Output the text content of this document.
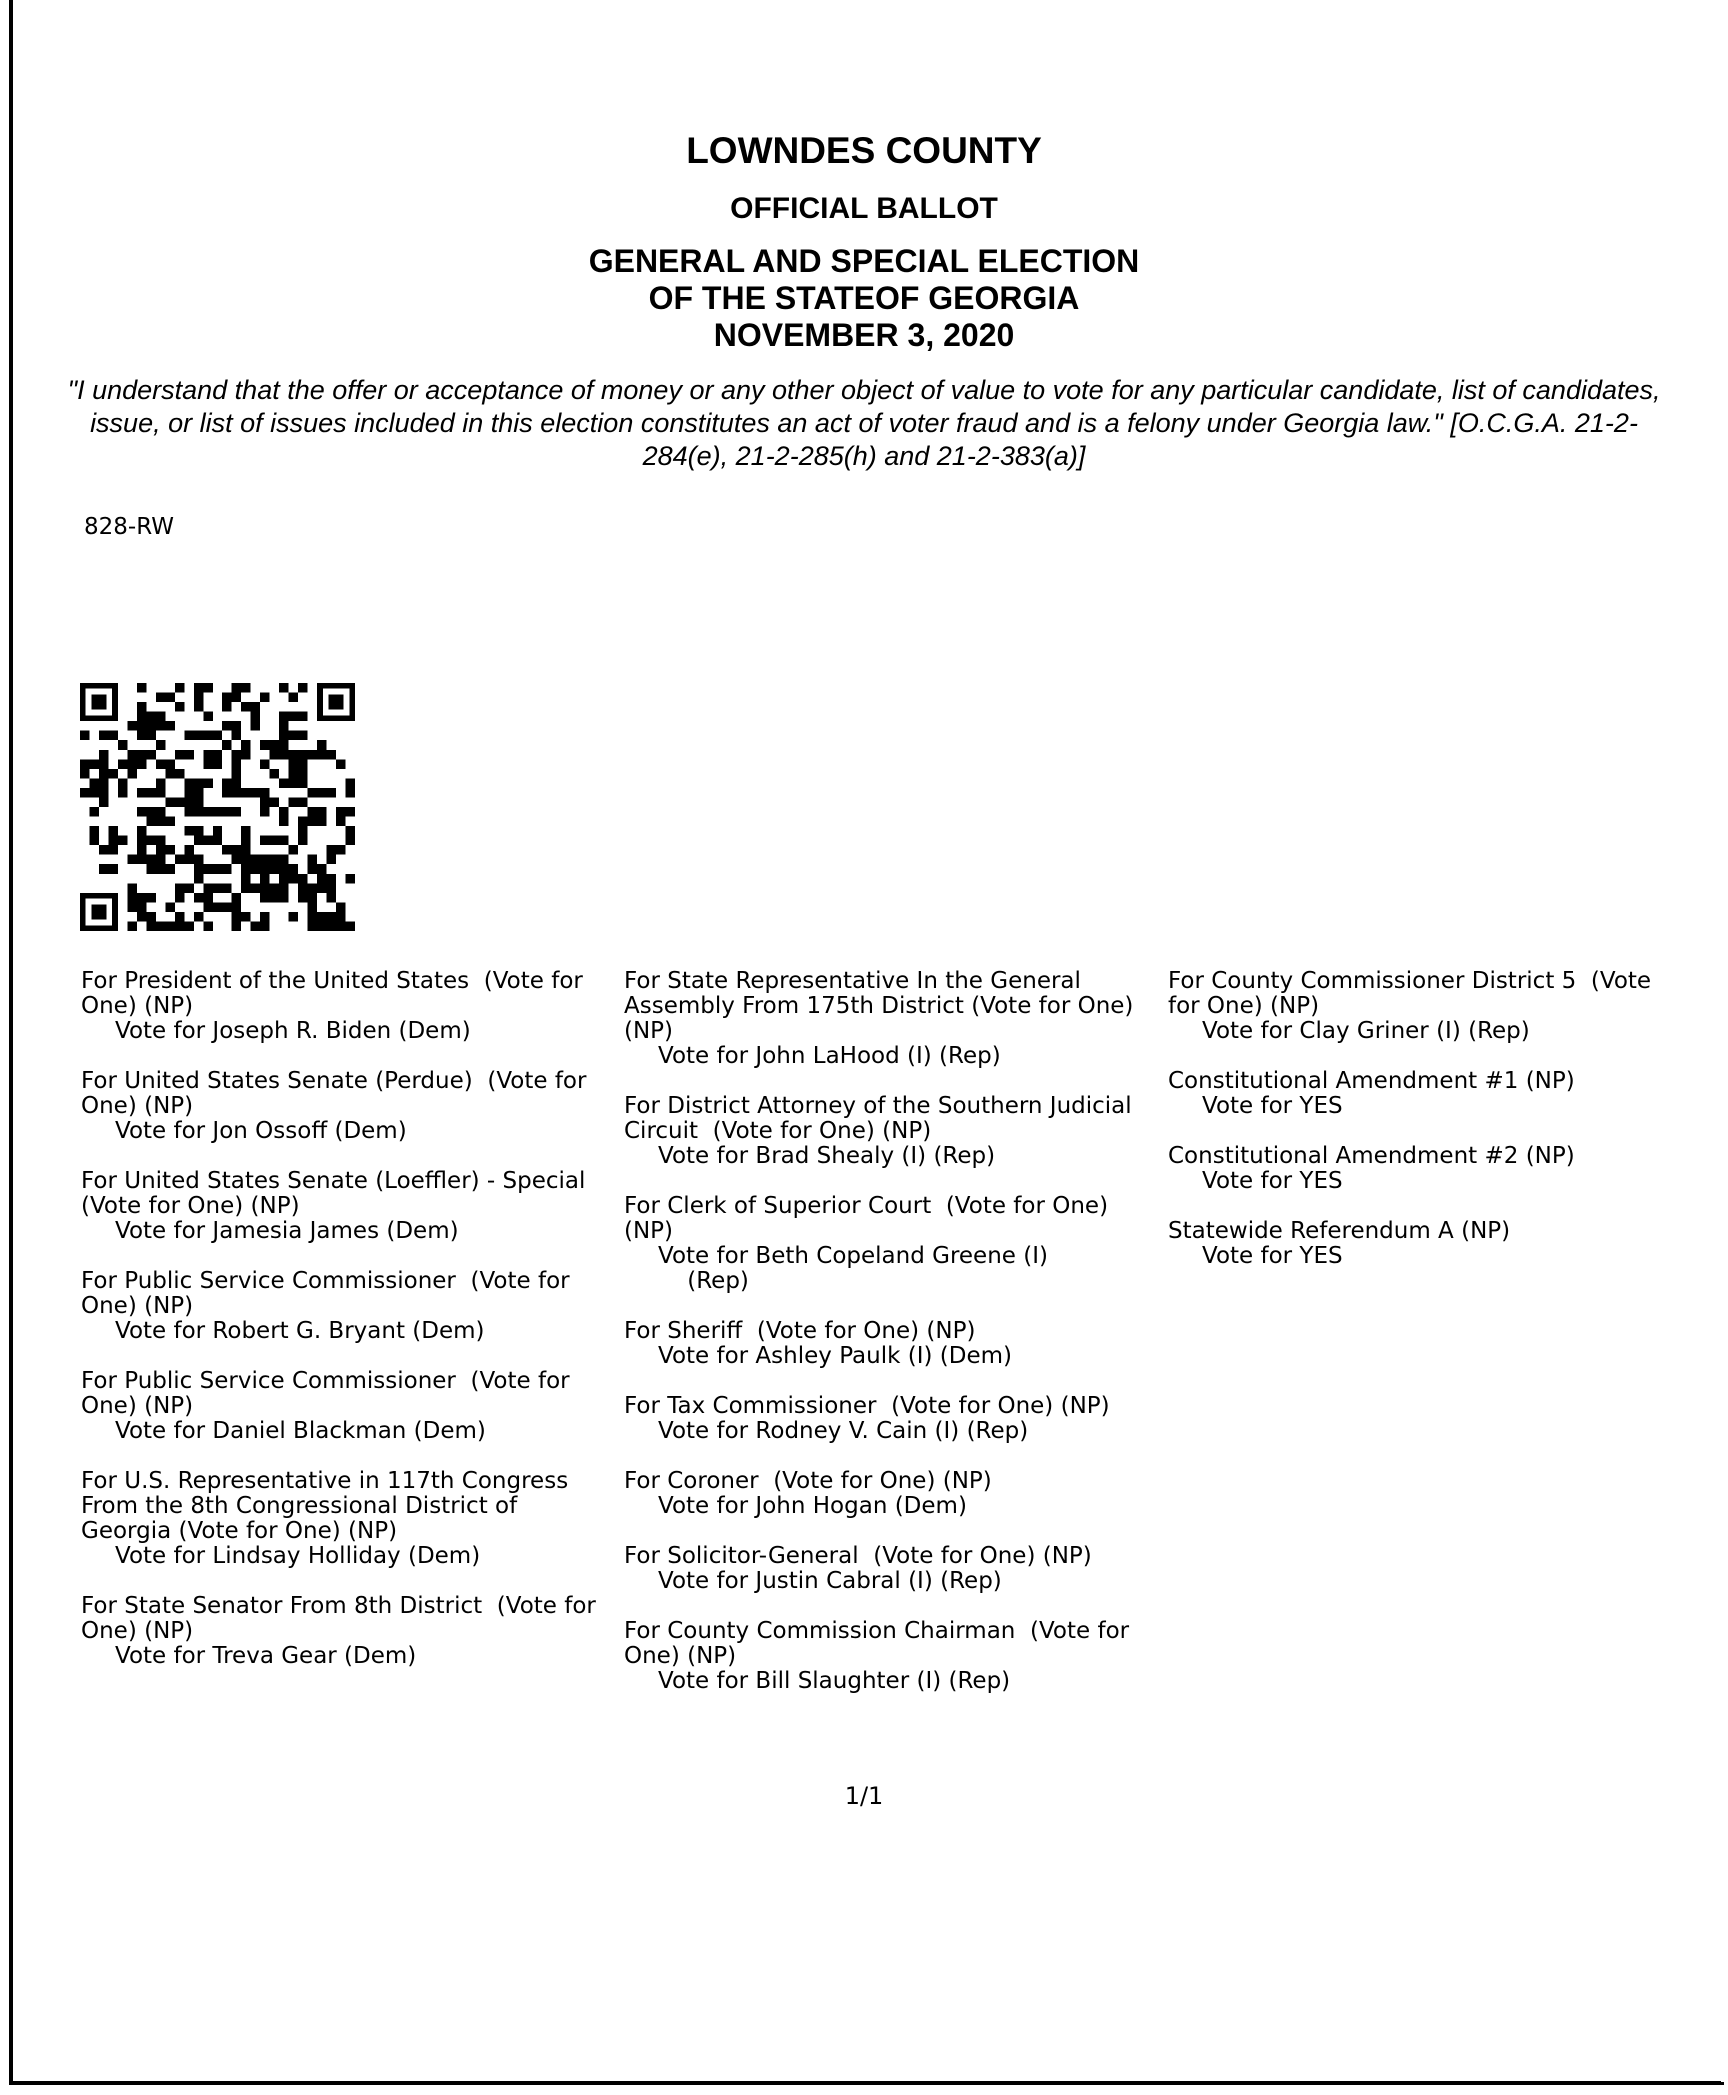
LOWNDES COUNTY
OFFICIAL BALLOT
GENERAL AND SPECIAL ELECTION
OF THE STATEOF GEORGIA
NOVEMBER 3, 2020
"I understand that the offer or acceptance of money or any other object of value to vote for any particular candidate, list of candidates, issue, or list of issues included in this election constitutes an act of voter fraud and is a felony under Georgia law." [O.C.G.A. 21-2-284(e), 21-2-285(h) and 21-2-383(a)]
828-RW
For President of the United States  (Vote for One) (NP)
Vote for Joseph R. Biden (Dem)
For United States Senate (Perdue)  (Vote for One) (NP)
Vote for Jon Ossoff (Dem)
For United States Senate (Loeffler) - Special  (Vote for One) (NP)
Vote for Jamesia James (Dem)
For Public Service Commissioner  (Vote for One) (NP)
Vote for Robert G. Bryant (Dem)
For Public Service Commissioner  (Vote for One) (NP)
Vote for Daniel Blackman (Dem)
For U.S. Representative in 117th Congress From the 8th Congressional District of Georgia (Vote for One) (NP)
Vote for Lindsay Holliday (Dem)
For State Senator From 8th District  (Vote for One) (NP)
Vote for Treva Gear (Dem)
For State Representative In the General Assembly From 175th District (Vote for One) (NP)
Vote for John LaHood (I) (Rep)
For District Attorney of the Southern Judicial Circuit  (Vote for One) (NP)
Vote for Brad Shealy (I) (Rep)
For Clerk of Superior Court  (Vote for One) (NP)
Vote for Beth Copeland Greene (I)
(Rep)
For Sheriff  (Vote for One) (NP)
Vote for Ashley Paulk (I) (Dem)
For Tax Commissioner  (Vote for One) (NP)
Vote for Rodney V. Cain (I) (Rep)
For Coroner  (Vote for One) (NP)
Vote for John Hogan (Dem)
For Solicitor-General  (Vote for One) (NP)
Vote for Justin Cabral (I) (Rep)
For County Commission Chairman  (Vote for One) (NP)
Vote for Bill Slaughter (I) (Rep)
For County Commissioner District 5  (Vote for One) (NP)
Vote for Clay Griner (I) (Rep)
Constitutional Amendment #1 (NP)
Vote for YES
Constitutional Amendment #2 (NP)
Vote for YES
Statewide Referendum A (NP)
Vote for YES
1/1
